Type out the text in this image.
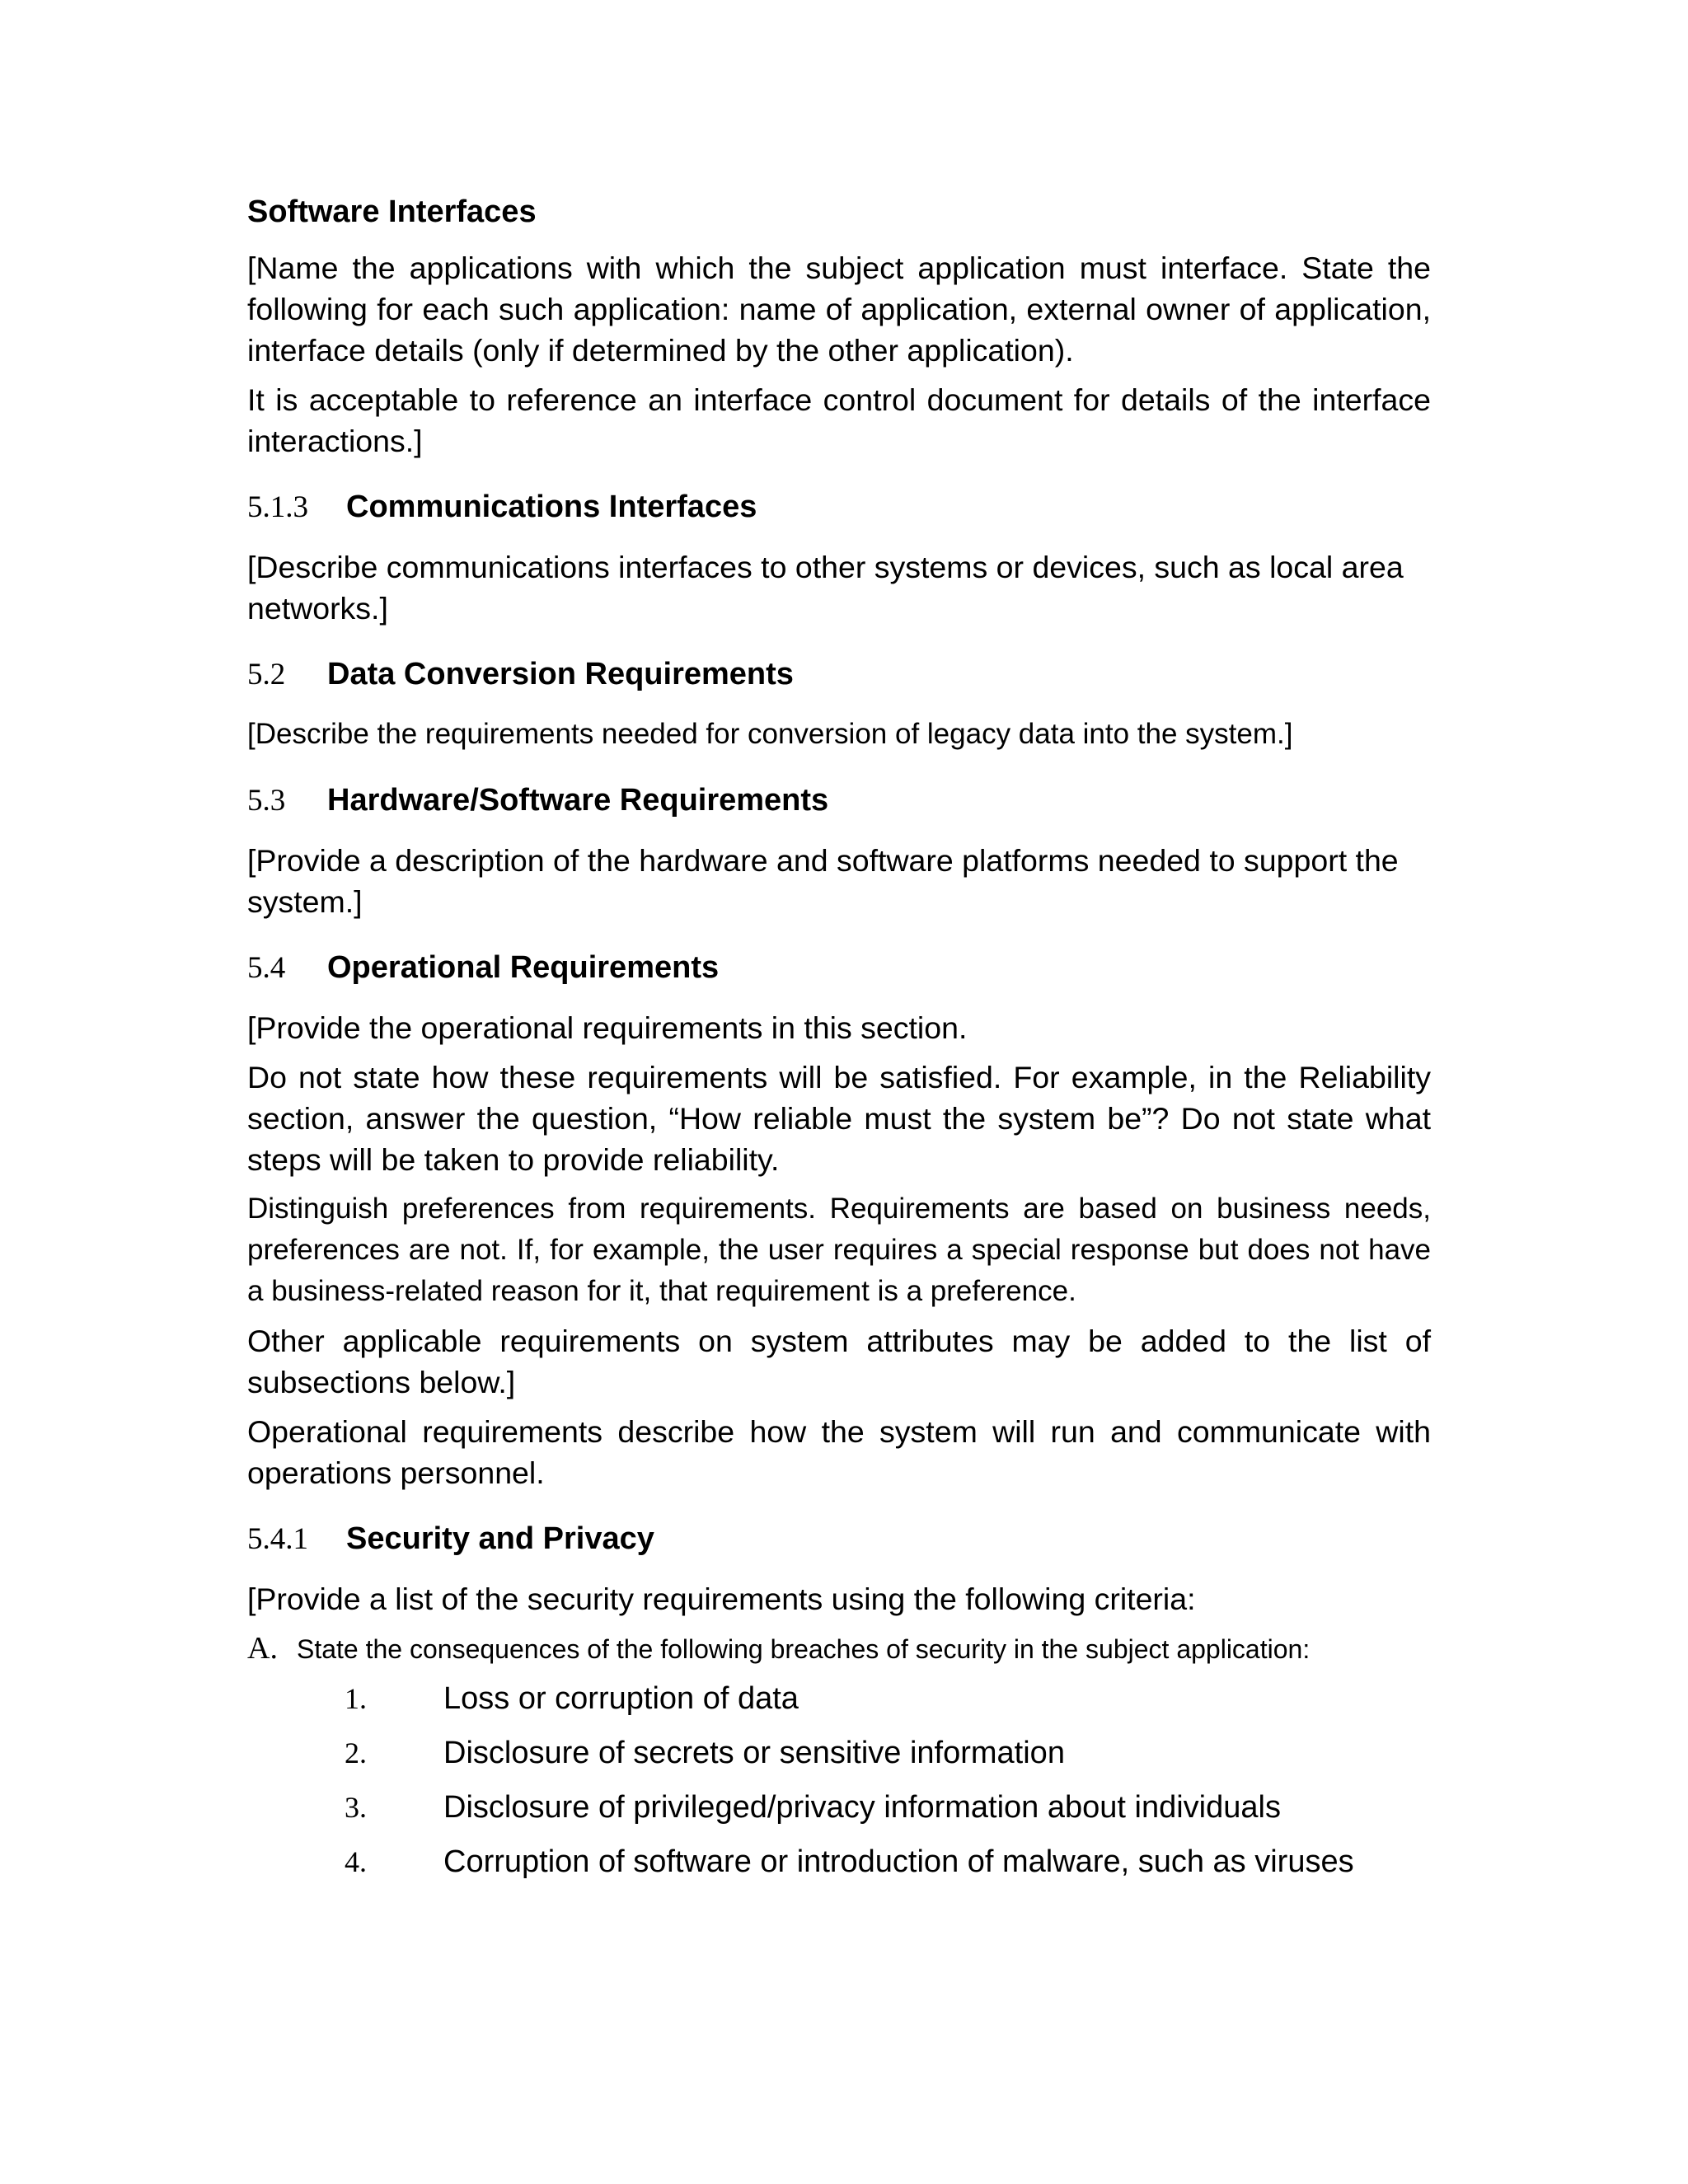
Software Interfaces

[Name the applications with which the subject application must interface. State the following for each such application: name of application, external owner of application, interface details (only if determined by the other application).

It is acceptable to reference an interface control document for details of the interface interactions.]

5.1.3	Communications Interfaces

[Describe communications interfaces to other systems or devices, such as local area networks.]

5.2	Data Conversion Requirements

[Describe the requirements needed for conversion of legacy data into the system.]

5.3	Hardware/Software Requirements

[Provide a description of the hardware and software platforms needed to support the system.]

5.4	Operational Requirements

[Provide the operational requirements in this section.

Do not state how these requirements will be satisfied. For example, in the Reliability section, answer the question, “How reliable must the system be”? Do not state what steps will be taken to provide reliability.

Distinguish preferences from requirements. Requirements are based on business needs, preferences are not. If, for example, the user requires a special response but does not have a business-related reason for it, that requirement is a preference.

Other applicable requirements on system attributes may be added to the list of subsections below.]

Operational requirements describe how the system will run and communicate with operations personnel.

5.4.1	Security and Privacy

[Provide a list of the security requirements using the following criteria:

A. State the consequences of the following breaches of security in the subject application:
1.	Loss or corruption of data
2.	Disclosure of secrets or sensitive information
3.	Disclosure of privileged/privacy information about individuals
4.	Corruption of software or introduction of malware, such as viruses
